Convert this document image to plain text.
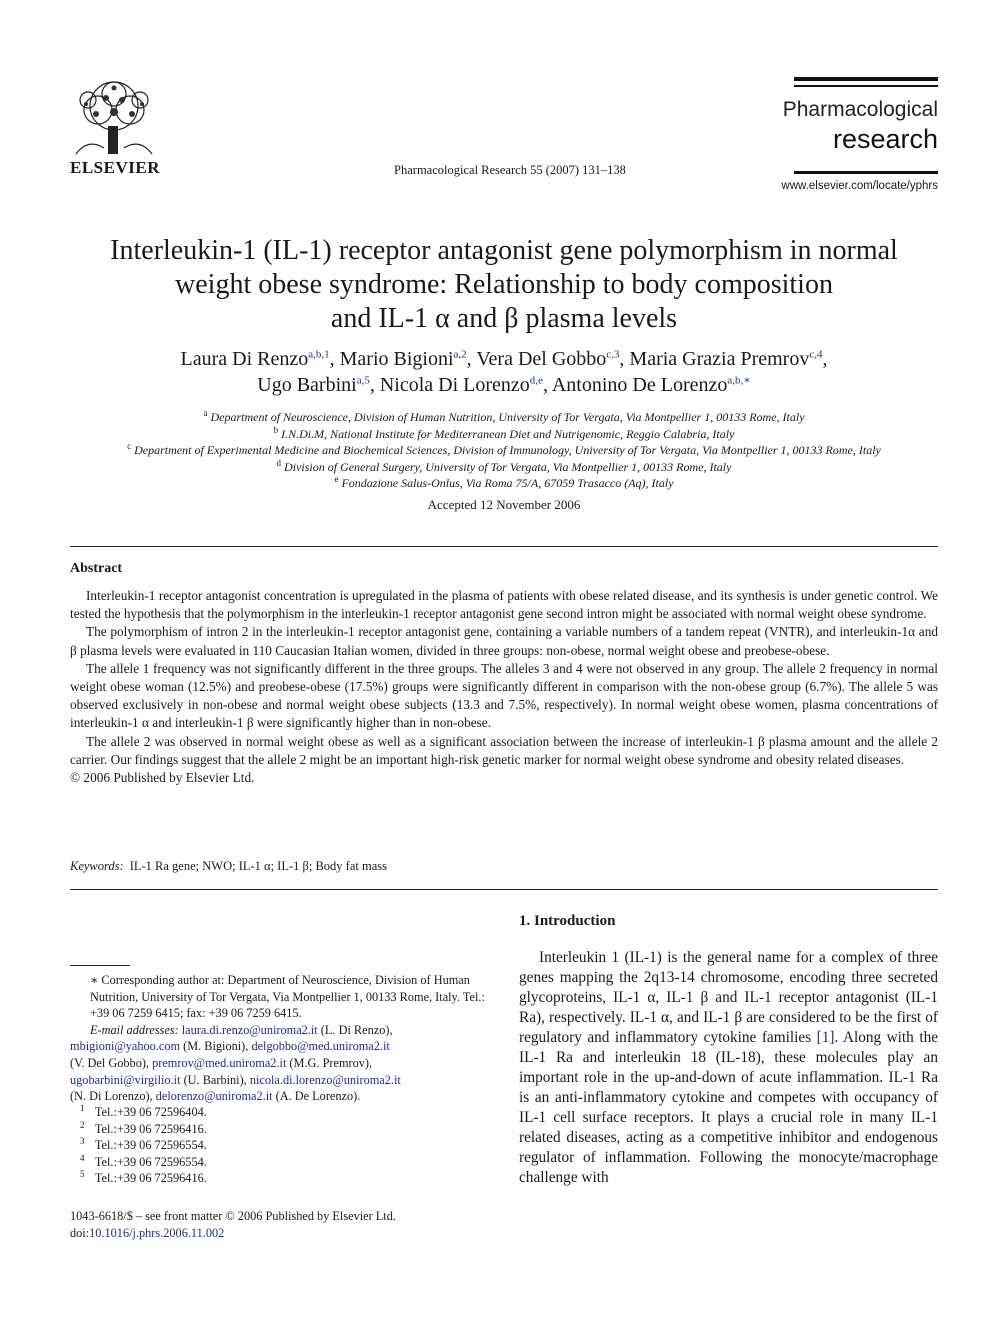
ELSEVIER	Pharmacological Research 55 (2007) 131–138
Pharmacological
research
www.elsevier.com/locate/yphrs
Interleukin-1 (IL-1) receptor antagonist gene polymorphism in normal
weight obese syndrome: Relationship to body composition
and IL-1 α and β plasma levels
Laura Di Renzo$^{a,b,1}$, Mario Bigioni$^{a,2}$, Vera Del Gobbo$^{c,3}$, Maria Grazia Premrov$^{c,4}$,
Ugo Barbini$^{a,5}$, Nicola Di Lorenzo$^{d,e}$, Antonino De Lorenzo$^{a,b,∗}$
$^a$ Department of Neuroscience, Division of Human Nutrition, University of Tor Vergata, Via Montpellier 1, 00133 Rome, Italy
$^b$ I.N.Di.M, National Institute for Mediterranean Diet and Nutrigenomic, Reggio Calabria, Italy
$^c$ Department of Experimental Medicine and Biochemical Sciences, Division of Immunology, University of Tor Vergata, Via Montpellier 1, 00133 Rome, Italy
$^d$ Division of General Surgery, University of Tor Vergata, Via Montpellier 1, 00133 Rome, Italy
$^e$ Fondazione Salus-Onlus, Via Roma 75/A, 67059 Trasacco (Aq), Italy
Accepted 12 November 2006
Abstract

Interleukin-1 receptor antagonist concentration is upregulated in the plasma of patients with obese related disease, and its synthesis is under genetic control. We tested the hypothesis that the polymorphism in the interleukin-1 receptor antagonist gene second intron might be associated with normal weight obese syndrome.

The polymorphism of intron 2 in the interleukin-1 receptor antagonist gene, containing a variable numbers of a tandem repeat (VNTR), and interleukin-1α and β plasma levels were evaluated in 110 Caucasian Italian women, divided in three groups: non-obese, normal weight obese and preobese-obese.

The allele 1 frequency was not significantly different in the three groups. The alleles 3 and 4 were not observed in any group. The allele 2 frequency in normal weight obese woman (12.5%) and preobese-obese (17.5%) groups were significantly different in comparison with the non-obese group (6.7%). The allele 5 was observed exclusively in non-obese and normal weight obese subjects (13.3 and 7.5%, respectively). In normal weight obese women, plasma concentrations of interleukin-1 α and interleukin-1 β were significantly higher than in non-obese.

The allele 2 was observed in normal weight obese as well as a significant association between the increase of interleukin-1 β plasma amount and the allele 2 carrier. Our findings suggest that the allele 2 might be an important high-risk genetic marker for normal weight obese syndrome and obesity related diseases.

© 2006 Published by Elsevier Ltd.

Keywords: IL-1 Ra gene; NWO; IL-1 α; IL-1 β; Body fat mass
1. Introduction

Interleukin 1 (IL-1) is the general name for a complex of three genes mapping the 2q13-14 chromosome, encoding three secreted glycoproteins, IL-1 α, IL-1 β and IL-1 receptor antagonist (IL-1 Ra), respectively. IL-1 α, and IL-1 β are considered to be the first of regulatory and inflammatory cytokine families [1]. Along with the IL-1 Ra and interleukin 18 (IL-18), these molecules play an important role in the up-and-down of acute inflammation. IL-1 Ra is an anti-inflammatory cytokine and competes with occupancy of IL-1 cell surface receptors. It plays a crucial role in many IL-1 related diseases, acting as a competitive inhibitor and endogenous regulator of inflammation. Following the monocyte/macrophage challenge with

∗ Corresponding author at: Department of Neuroscience, Division of Human Nutrition, University of Tor Vergata, Via Montpellier 1, 00133 Rome, Italy. Tel.: +39 06 7259 6415; fax: +39 06 7259 6415.

E-mail addresses: laura.di.renzo@uniroma2.it (L. Di Renzo),

mbigioni@yahoo.com (M. Bigioni), delgobbo@med.uniroma2.it

(V. Del Gobbo), premrov@med.uniroma2.it (M.G. Premrov),

ugobarbini@virgilio.it (U. Barbini), nicola.di.lorenzo@uniroma2.it

(N. Di Lorenzo), delorenzo@uniroma2.it (A. De Lorenzo).

$^1$ Tel.:+39 06 72596404.
$^2$ Tel.:+39 06 72596416.
$^3$ Tel.:+39 06 72596554.
$^4$ Tel.:+39 06 72596554.
$^5$ Tel.:+39 06 72596416.
1043-6618/$ – see front matter © 2006 Published by Elsevier Ltd.
doi:10.1016/j.phrs.2006.11.002
